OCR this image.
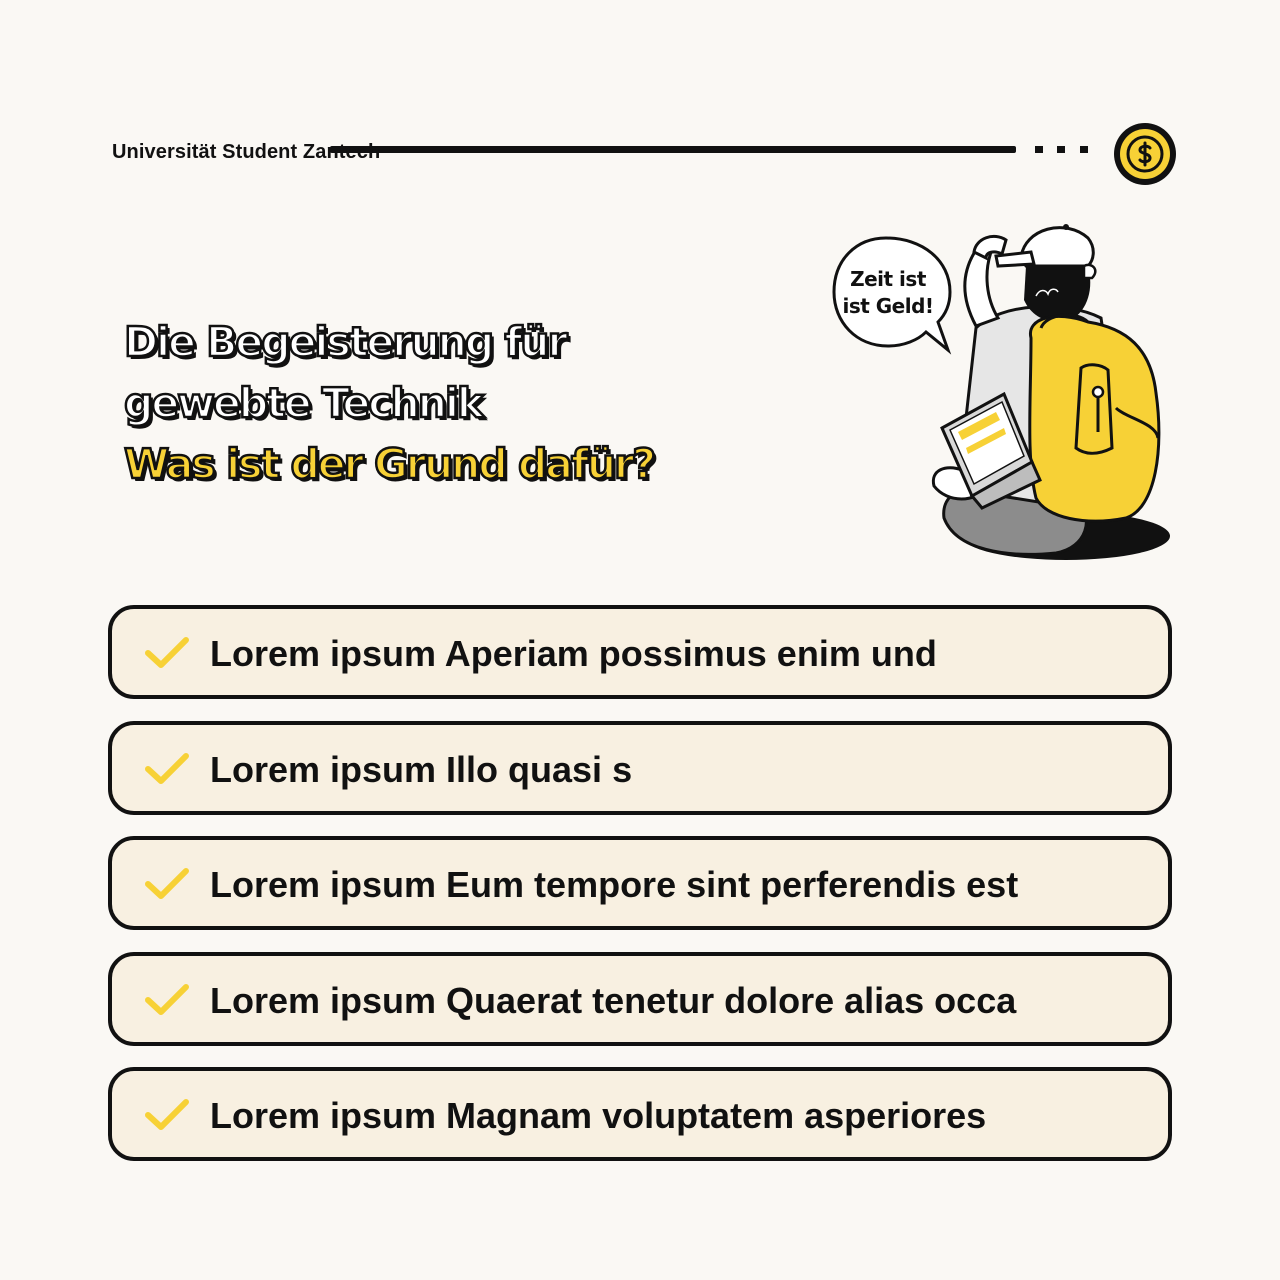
Universität Student Zantech
Die Begeisterung für gewebte Technik
Was ist der Grund dafür?
Zeit ist
ist Geld!
Lorem ipsum Aperiam possimus enim und
Lorem ipsum Illo quasi s
Lorem ipsum Eum tempore sint perferendis est
Lorem ipsum Quaerat tenetur dolore alias occa
Lorem ipsum Magnam voluptatem asperiores
